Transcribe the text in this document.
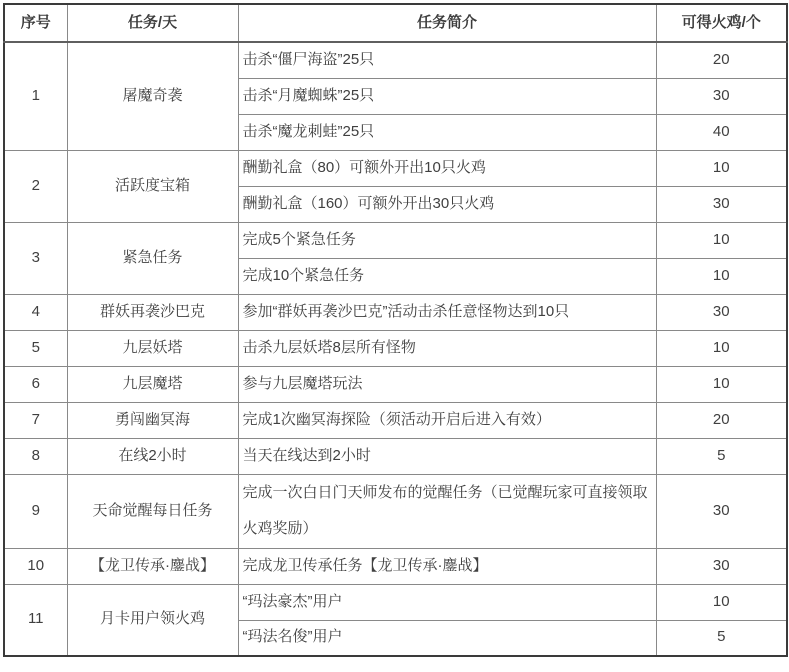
序号	任务/天	任务简介	可得火鸡/个
1	屠魔奇袭	击杀“僵尸海盗”25只	20
		击杀“月魔蜘蛛”25只	30
		击杀“魔龙刺蛙”25只	40
2	活跃度宝箱	酬勤礼盒（80）可额外开出10只火鸡	10
		酬勤礼盒（160）可额外开出30只火鸡	30
3	紧急任务	完成5个紧急任务	10
		完成10个紧急任务	10
4	群妖再袭沙巴克	参加“群妖再袭沙巴克”活动击杀任意怪物达到10只	30
5	九层妖塔	击杀九层妖塔8层所有怪物	10
6	九层魔塔	参与九层魔塔玩法	10
7	勇闯幽冥海	完成1次幽冥海探险（须活动开启后进入有效）	20
8	在线2小时	当天在线达到2小时	5
9	天命觉醒每日任务	完成一次白日门天师发布的觉醒任务（已觉醒玩家可直接领取火鸡奖励）	30
10	【龙卫传承·鏖战】	完成龙卫传承任务【龙卫传承·鏖战】	30
11	月卡用户领火鸡	“玛法豪杰”用户	10
		“玛法名俊”用户	5
